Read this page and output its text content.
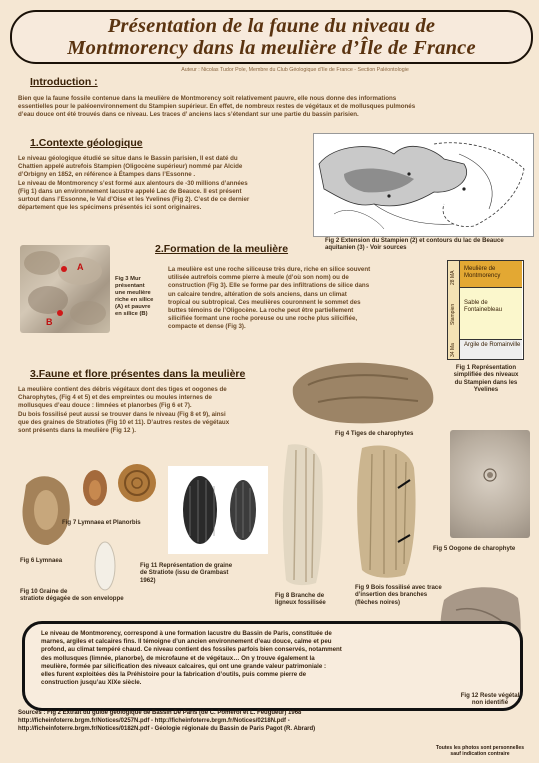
Présentation de la faune du niveau de
Montmorency dans la meulière d’Île de France
Auteur : Nicolas Tudor Pole, Membre du Club Géologique d’Ile de France - Section Paléontologie
Introduction :
Bien que la faune fossile contenue dans la meulière de Montmorency soit relativement pauvre, elle nous donne des informations
essentielles pour le paléoenvironnement du Stampien supérieur. En effet, de nombreux restes de végétaux et de mollusques pulmonés
d’eau douce ont été trouvés dans ce niveau. Les traces d’ anciens lacs s’étendant sur une partie du bassin parisien.
1.Contexte géologique
Le niveau géologique étudié se situe dans le Bassin parisien, Il est daté du
Chattien appelé autrefois Stampien (Oligocène supérieur) nommé par Alcide
d’Orbigny en 1852, en référence à Étampes dans l’Essonne .
Le niveau de Montmorency s’est formé aux alentours de -30 millions d’années
(Fig 1) dans un environnement lacustre appelé Lac de Beauce. Il est présent
surtout dans l’Essonne, le Val d’Oise et les Yvelines (Fig 2). C’est de ce dernier
département que les spécimens présentés ici sont originaires.
Fig 2 Extension du Stampien (2) et contours du lac de Beauce
aquitanien (3) - Voir sources
2.Formation de la meulière
A
B
Fig 3 Mur
présentant
une meulière
riche en silice
(A) et pauvre
en silice (B)
La meulière est une roche siliceuse très dure, riche en silice souvent
utilisée autrefois comme pierre à meule (d’où son nom) ou de
construction (Fig 3). Elle se forme par des infiltrations de silice dans
un calcaire tendre, altération de sols anciens, dans un climat
tropical ou subtropical. Ces meulières couronnent le sommet des
buttes témoins de l’Oligocène. La roche peut être partiellement
silicifiée formant une roche poreuse ou une roche plus silicifiée,
compacte et dense (Fig 3).
28 MA
Stampien
34 Ma
Meulière de Montmorency
Sable de Fontainebleau
Argile de Romainville
Fig 1 Représentation
simplifiée des niveaux
du Stampien dans les
Yvelines
3.Faune et flore présentes dans la meulière
La meulière contient des débris végétaux dont des tiges et oogones de
Charophytes, (Fig 4 et 5) et des empreintes ou moules internes de
mollusques d’eau douce : limnées et planorbes (Fig 6 et 7).
Du bois fossilisé peut aussi se trouver dans le niveau (Fig 8 et 9), ainsi
que des graines de Stratiotes (Fig 10 et 11). D’autres restes de végétaux
sont présents dans la meulière (Fig 12 ).	Fig 4 Tiges de charophytes
Fig 5 Oogone de charophyte
Fig 6 Lymnaea
Fig 7 Lymnaea et Planorbis
Fig 10 Graine de
stratiote dégagée de son enveloppe
Fig 11 Représentation de graine
de Stratiote (issu de Grambast
1962)
Fig 8 Branche de
ligneux fossilisée
Fig 9 Bois fossilisé avec trace
d’insertion des branches
(flèches noires)
Le niveau de Montmorency, correspond à une formation lacustre du Bassin de Paris, constituée de
marnes, argiles et calcaires fins. Il témoigne d’un ancien environnement d’eau douce, calme et peu
profond, au climat tempéré chaud. Ce niveau contient des fossiles parfois bien conservés, notamment
des mollusques (limnée, planorbe), de microfaune et de végétaux… On y trouve également la
meulière, formée par silicification des niveaux calcaires, qui ont une grande valeur patrimoniale :
elles furent exploitées dès la Préhistoire pour la fabrication d’outils, puis comme pierre de
construction jusqu’au XIXe siècle.
Fig 12 Reste végétal
non identifié
Sources : Fig 2 Extrait du guide géologique de Bassin De Paris (de C. Pomerol et L. Feugueur) 1968
http://ficheinfoterre.brgm.fr/Notices/0257N.pdf - http://ficheinfoterre.brgm.fr/Notices/0218N.pdf -
http://ficheinfoterre.brgm.fr/Notices/0182N.pdf - Géologie régionale du Bassin de Paris Pagot (R. Abrard)
Toutes les photos sont personnelles
sauf indication contraire
